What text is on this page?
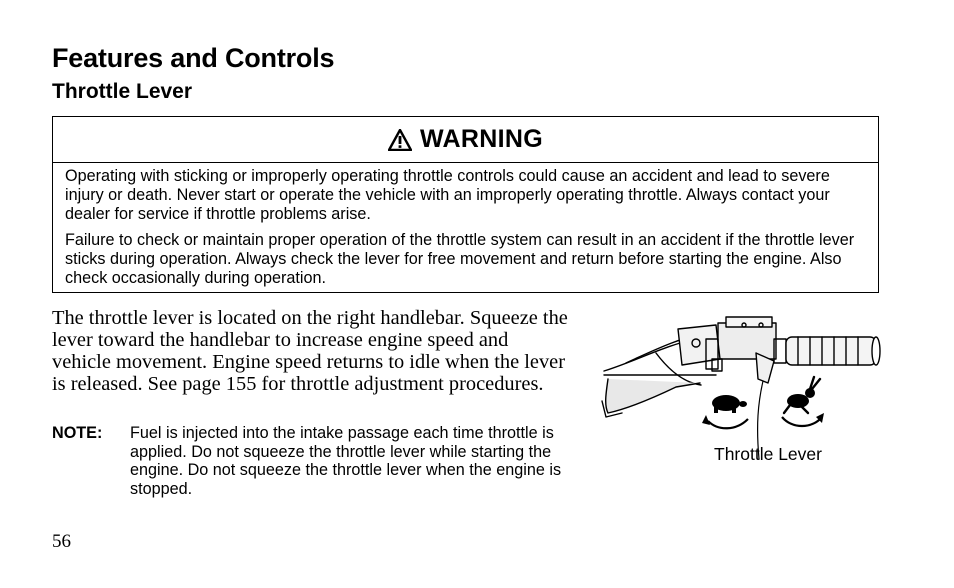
Features and Controls
Throttle Lever
WARNING

Operating with sticking or improperly operating throttle controls could cause an accident and lead to severe injury or death. Never start or operate the vehicle with an improperly operating throttle. Always contact your dealer for service if throttle problems arise.

Failure to check or maintain proper operation of the throttle system can result in an accident if the throttle lever sticks during operation. Always check the lever for free movement and return before starting the engine. Also check occasionally during operation.

The throttle lever is located on the right handlebar. Squeeze the lever toward the handlebar to increase engine speed and vehicle movement. Engine speed returns to idle when the lever is released. See page 155 for throttle adjustment procedures.
NOTE: Fuel is injected into the intake passage each time throttle is applied. Do not squeeze the throttle lever while starting the engine. Do not squeeze the throttle lever when the engine is stopped.
Throttle Lever
56
